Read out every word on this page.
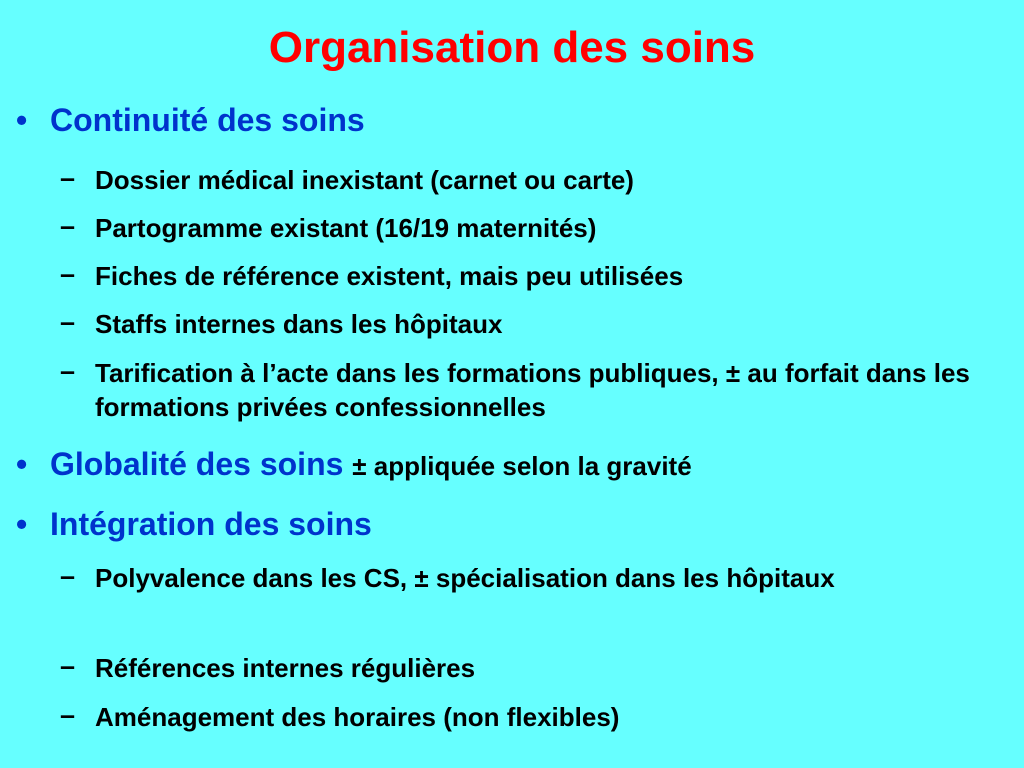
Organisation des soins
• Continuité des soins
– Dossier médical inexistant (carnet ou carte)
– Partogramme existant (16/19 maternités)
– Fiches de référence existent, mais peu utilisées
– Staffs internes dans les hôpitaux
– Tarification à l’acte dans les formations publiques, ± au forfait dans les formations privées confessionnelles
• Globalité des soins ± appliquée selon la gravité
• Intégration des soins
– Polyvalence dans les CS, ± spécialisation dans les hôpitaux
– Références internes régulières
– Aménagement des horaires (non flexibles)
